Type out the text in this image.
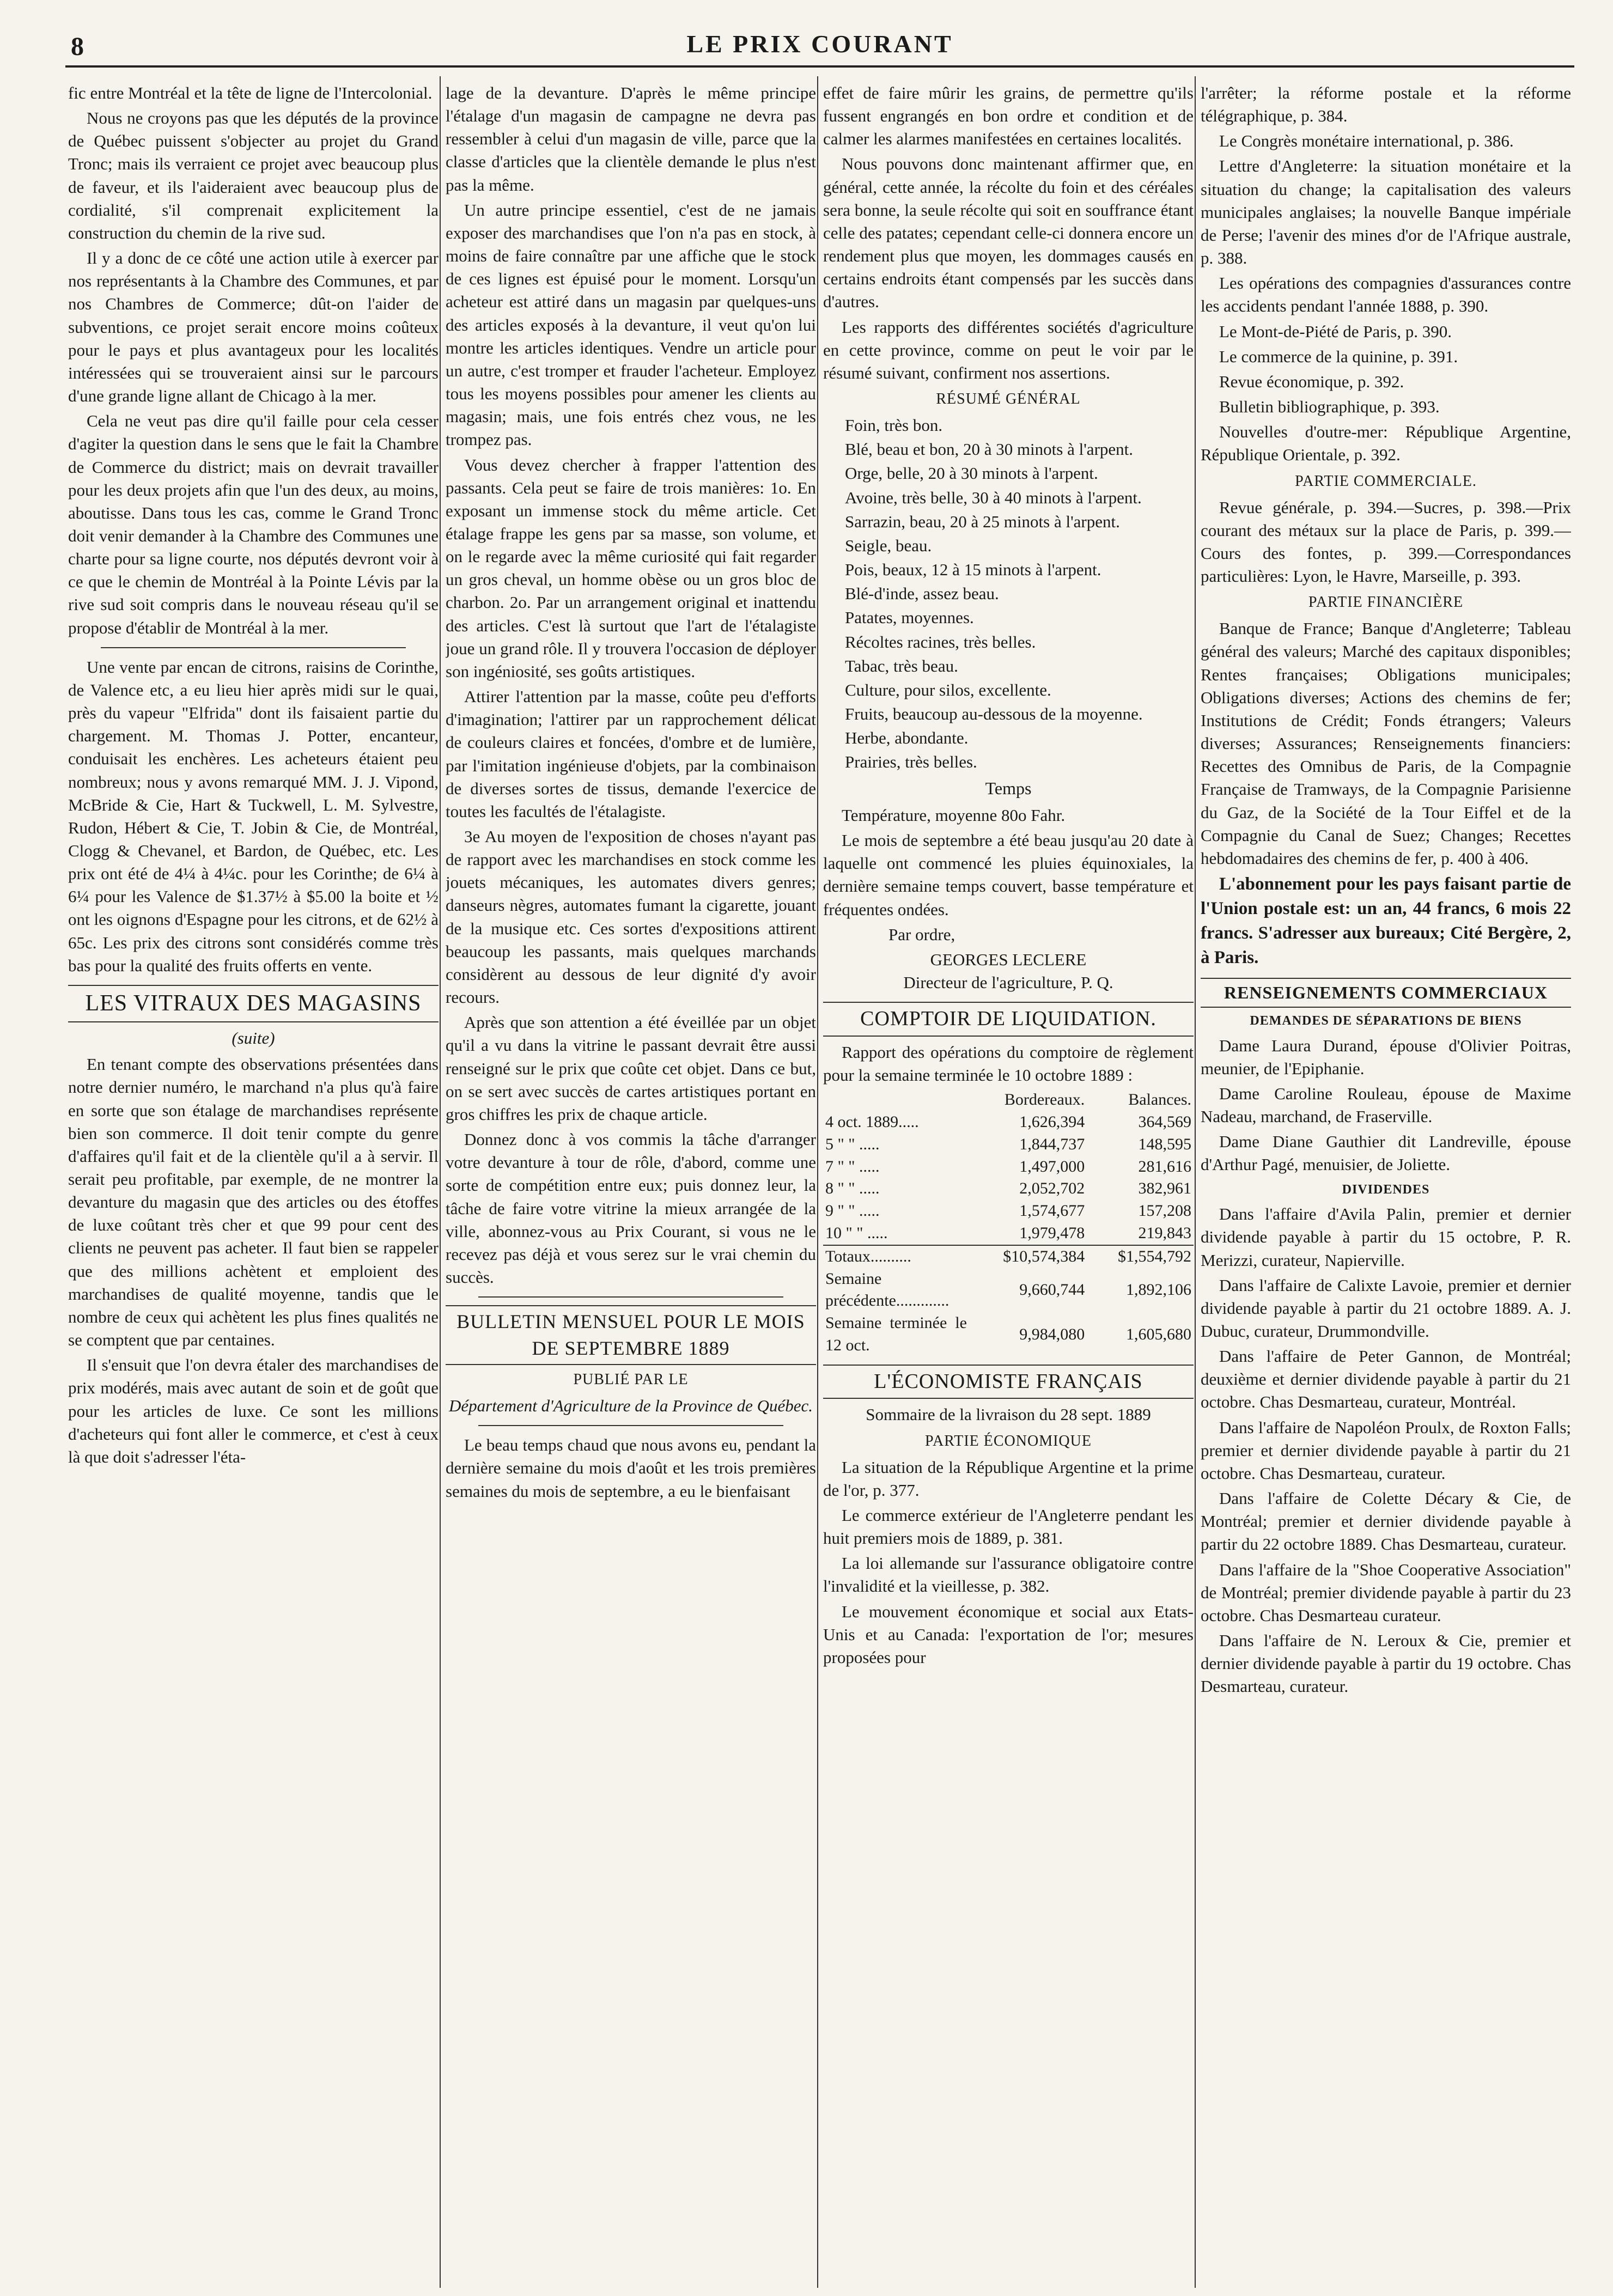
8	LE PRIX COURANT

fic entre Montréal et la tête de ligne de l'Intercolonial.

Nous ne croyons pas que les députés de la province de Québec puissent s'objecter au projet du Grand Tronc; mais ils verraient ce projet avec beaucoup plus de faveur, et ils l'aideraient avec beaucoup plus de cordialité, s'il comprenait explicitement la construction du chemin de la rive sud.

Il y a donc de ce côté une action utile à exercer par nos représentants à la Chambre des Communes, et par nos Chambres de Commerce; dût-on l'aider de subventions, ce projet serait encore moins coûteux pour le pays et plus avantageux pour les localités intéressées qui se trouveraient ainsi sur le parcours d'une grande ligne allant de Chicago à la mer.

Cela ne veut pas dire qu'il faille pour cela cesser d'agiter la question dans le sens que le fait la Chambre de Commerce du district; mais on devrait travailler pour les deux projets afin que l'un des deux, au moins, aboutisse. Dans tous les cas, comme le Grand Tronc doit venir demander à la Chambre des Communes une charte pour sa ligne courte, nos députés devront voir à ce que le chemin de Montréal à la Pointe Lévis par la rive sud soit compris dans le nouveau réseau qu'il se propose d'établir de Montréal à la mer.

Une vente par encan de citrons, raisins de Corinthe, de Valence etc, a eu lieu hier après midi sur le quai, près du vapeur "Elfrida" dont ils faisaient partie du chargement. M. Thomas J. Potter, encanteur, conduisait les enchères. Les acheteurs étaient peu nombreux; nous y avons remarqué MM. J. J. Vipond, McBride & Cie, Hart & Tuckwell, L. M. Sylvestre, Rudon, Hébert & Cie, T. Jobin & Cie, de Montréal, Clogg & Chevanel, et Bardon, de Québec, etc. Les prix ont été de 4¼ à 4¼c. pour les Corinthe; de 6¼ à 6¼ pour les Valence de $1.37½ à $5.00 la boite et ½ ont les oignons d'Espagne pour les citrons, et de 62½ à 65c. Les prix des citrons sont considérés comme très bas pour la qualité des fruits offerts en vente.

LES VITRAUX DES MAGASINS
(suite)

En tenant compte des observations présentées dans notre dernier numéro, le marchand n'a plus qu'à faire en sorte que son étalage de marchandises représente bien son commerce. Il doit tenir compte du genre d'affaires qu'il fait et de la clientèle qu'il a à servir. Il serait peu profitable, par exemple, de ne montrer la devanture du magasin que des articles ou des étoffes de luxe coûtant très cher et que 99 pour cent des clients ne peuvent pas acheter. Il faut bien se rappeler que des millions achètent et emploient des marchandises de qualité moyenne, tandis que le nombre de ceux qui achètent les plus fines qualités ne se comptent que par centaines.

Il s'ensuit que l'on devra étaler des marchandises de prix modérés, mais avec autant de soin et de goût que pour les articles de luxe. Ce sont les millions d'acheteurs qui font aller le commerce, et c'est à ceux là que doit s'adresser l'éta-

lage de la devanture. D'après le même principe l'étalage d'un magasin de campagne ne devra pas ressembler à celui d'un magasin de ville, parce que la classe d'articles que la clientèle demande le plus n'est pas la même.

Un autre principe essentiel, c'est de ne jamais exposer des marchandises que l'on n'a pas en stock, à moins de faire connaître par une affiche que le stock de ces lignes est épuisé pour le moment. Lorsqu'un acheteur est attiré dans un magasin par quelques-uns des articles exposés à la devanture, il veut qu'on lui montre les articles identiques. Vendre un article pour un autre, c'est tromper et frauder l'acheteur. Employez tous les moyens possibles pour amener les clients au magasin; mais, une fois entrés chez vous, ne les trompez pas.

Vous devez chercher à frapper l'attention des passants. Cela peut se faire de trois manières: 1o. En exposant un immense stock du même article. Cet étalage frappe les gens par sa masse, son volume, et on le regarde avec la même curiosité qui fait regarder un gros cheval, un homme obèse ou un gros bloc de charbon. 2o. Par un arrangement original et inattendu des articles. C'est là surtout que l'art de l'étalagiste joue un grand rôle. Il y trouvera l'occasion de déployer son ingéniosité, ses goûts artistiques.

Attirer l'attention par la masse, coûte peu d'efforts d'imagination; l'attirer par un rapprochement délicat de couleurs claires et foncées, d'ombre et de lumière, par l'imitation ingénieuse d'objets, par la combinaison de diverses sortes de tissus, demande l'exercice de toutes les facultés de l'étalagiste.

3e Au moyen de l'exposition de choses n'ayant pas de rapport avec les marchandises en stock comme les jouets mécaniques, les automates divers genres; danseurs nègres, automates fumant la cigarette, jouant de la musique etc. Ces sortes d'expositions attirent beaucoup les passants, mais quelques marchands considèrent au dessous de leur dignité d'y avoir recours.

Après que son attention a été éveillée par un objet qu'il a vu dans la vitrine le passant devrait être aussi renseigné sur le prix que coûte cet objet. Dans ce but, on se sert avec succès de cartes artistiques portant en gros chiffres les prix de chaque article.

Donnez donc à vos commis la tâche d'arranger votre devanture à tour de rôle, d'abord, comme une sorte de compétition entre eux; puis donnez leur, la tâche de faire votre vitrine la mieux arrangée de la ville, abonnez-vous au Prix Courant, si vous ne le recevez pas déjà et vous serez sur le vrai chemin du succès.

BULLETIN MENSUEL POUR LE MOIS DE SEPTEMBRE 1889
PUBLIÉ PAR LE
Département d'Agriculture de la Province de Québec.

Le beau temps chaud que nous avons eu, pendant la dernière semaine du mois d'août et les trois premières semaines du mois de septembre, a eu le bienfaisant

effet de faire mûrir les grains, de permettre qu'ils fussent engrangés en bon ordre et condition et de calmer les alarmes manifestées en certaines localités.

Nous pouvons donc maintenant affirmer que, en général, cette année, la récolte du foin et des céréales sera bonne, la seule récolte qui soit en souffrance étant celle des patates; cependant celle-ci donnera encore un rendement plus que moyen, les dommages causés en certains endroits étant compensés par les succès dans d'autres.

Les rapports des différentes sociétés d'agriculture en cette province, comme on peut le voir par le résumé suivant, confirment nos assertions.

RÉSUMÉ GÉNÉRAL

Foin, très bon.

Blé, beau et bon, 20 à 30 minots à l'arpent.

Orge, belle, 20 à 30 minots à l'arpent.

Avoine, très belle, 30 à 40 minots à l'arpent.

Sarrazin, beau, 20 à 25 minots à l'arpent.

Seigle, beau.

Pois, beaux, 12 à 15 minots à l'arpent.

Blé-d'inde, assez beau.

Patates, moyennes.

Récoltes racines, très belles.

Tabac, très beau.

Culture, pour silos, excellente.

Fruits, beaucoup au-dessous de la moyenne.

Herbe, abondante.

Prairies, très belles.

Temps

Température, moyenne 80o Fahr.

Le mois de septembre a été beau jusqu'au 20 date à laquelle ont commencé les pluies équinoxiales, la dernière semaine temps couvert, basse température et fréquentes ondées.

Par ordre,

GEORGES LECLERE
Directeur de l'agriculture, P. Q.
COMPTOIR DE LIQUIDATION.

Rapport des opérations du comptoire de règlement pour la semaine terminée le 10 octobre 1889 :

	Bordereaux.	Balances.
4 oct. 1889.....	1,626,394	364,569
5 " " .....	1,844,737	148,595
7 " " .....	1,497,000	281,616
8 " " .....	2,052,702	382,961
9 " " .....	1,574,677	157,208
10 " " .....	1,979,478	219,843
Totaux..........	$10,574,384	$1,554,792
Semaine précédente.............	9,660,744	1,892,106
Semaine terminée le 12 oct.	9,984,080	1,605,680
L'ÉCONOMISTE FRANÇAIS
Sommaire de la livraison du 28 sept. 1889
PARTIE ÉCONOMIQUE

La situation de la République Argentine et la prime de l'or, p. 377.

Le commerce extérieur de l'Angleterre pendant les huit premiers mois de 1889, p. 381.

La loi allemande sur l'assurance obligatoire contre l'invalidité et la vieillesse, p. 382.

Le mouvement économique et social aux Etats-Unis et au Canada: l'exportation de l'or; mesures proposées pour

l'arrêter; la réforme postale et la réforme télégraphique, p. 384.

Le Congrès monétaire international, p. 386.

Lettre d'Angleterre: la situation monétaire et la situation du change; la capitalisation des valeurs municipales anglaises; la nouvelle Banque impériale de Perse; l'avenir des mines d'or de l'Afrique australe, p. 388.

Les opérations des compagnies d'assurances contre les accidents pendant l'année 1888, p. 390.

Le Mont-de-Piété de Paris, p. 390.

Le commerce de la quinine, p. 391.

Revue économique, p. 392.

Bulletin bibliographique, p. 393.

Nouvelles d'outre-mer: République Argentine, République Orientale, p. 392.

PARTIE COMMERCIALE.

Revue générale, p. 394.—Sucres, p. 398.—Prix courant des métaux sur la place de Paris, p. 399.—Cours des fontes, p. 399.—Correspondances particulières: Lyon, le Havre, Marseille, p. 393.

PARTIE FINANCIÈRE

Banque de France; Banque d'Angleterre; Tableau général des valeurs; Marché des capitaux disponibles; Rentes françaises; Obligations municipales; Obligations diverses; Actions des chemins de fer; Institutions de Crédit; Fonds étrangers; Valeurs diverses; Assurances; Renseignements financiers: Recettes des Omnibus de Paris, de la Compagnie Française de Tramways, de la Compagnie Parisienne du Gaz, de la Société de la Tour Eiffel et de la Compagnie du Canal de Suez; Changes; Recettes hebdomadaires des chemins de fer, p. 400 à 406.

L'abonnement pour les pays faisant partie de l'Union postale est: un an, 44 francs, 6 mois 22 francs. S'adresser aux bureaux; Cité Bergère, 2, à Paris.

RENSEIGNEMENTS COMMERCIAUX
DEMANDES DE SÉPARATIONS DE BIENS

Dame Laura Durand, épouse d'Olivier Poitras, meunier, de l'Epiphanie.

Dame Caroline Rouleau, épouse de Maxime Nadeau, marchand, de Fraserville.

Dame Diane Gauthier dit Landreville, épouse d'Arthur Pagé, menuisier, de Joliette.

DIVIDENDES

Dans l'affaire d'Avila Palin, premier et dernier dividende payable à partir du 15 octobre, P. R. Merizzi, curateur, Napierville.

Dans l'affaire de Calixte Lavoie, premier et dernier dividende payable à partir du 21 octobre 1889. A. J. Dubuc, curateur, Drummondville.

Dans l'affaire de Peter Gannon, de Montréal; deuxième et dernier dividende payable à partir du 21 octobre. Chas Desmarteau, curateur, Montréal.

Dans l'affaire de Napoléon Proulx, de Roxton Falls; premier et dernier dividende payable à partir du 21 octobre. Chas Desmarteau, curateur.

Dans l'affaire de Colette Décary & Cie, de Montréal; premier et dernier dividende payable à partir du 22 octobre 1889. Chas Desmarteau, curateur.

Dans l'affaire de la "Shoe Cooperative Association" de Montréal; premier dividende payable à partir du 23 octobre. Chas Desmarteau curateur.

Dans l'affaire de N. Leroux & Cie, premier et dernier dividende payable à partir du 19 octobre. Chas Desmarteau, curateur.
